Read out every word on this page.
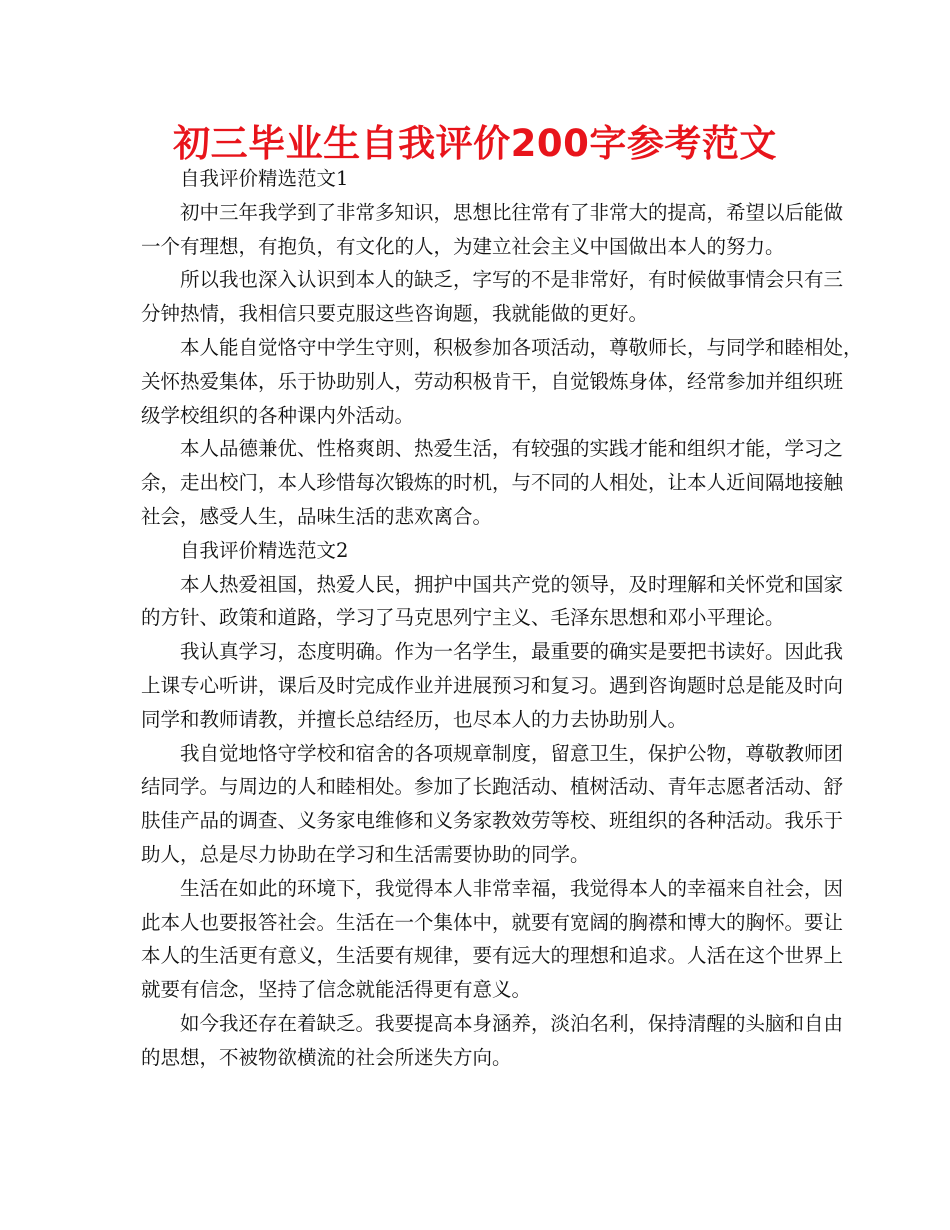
初三毕业生自我评价200字参考范文
自我评价精选范文1
初中三年我学到了非常多知识，思想比往常有了非常大的提高，希望以后能做
一个有理想，有抱负，有文化的人，为建立社会主义中国做出本人的努力。
所以我也深入认识到本人的缺乏，字写的不是非常好，有时候做事情会只有三
分钟热情，我相信只要克服这些咨询题，我就能做的更好。
本人能自觉恪守中学生守则，积极参加各项活动，尊敬师长，与同学和睦相处，
关怀热爱集体，乐于协助别人，劳动积极肯干，自觉锻炼身体，经常参加并组织班
级学校组织的各种课内外活动。
本人品德兼优、性格爽朗、热爱生活，有较强的实践才能和组织才能，学习之
余，走出校门，本人珍惜每次锻炼的时机，与不同的人相处，让本人近间隔地接触
社会，感受人生，品味生活的悲欢离合。
自我评价精选范文2
本人热爱祖国，热爱人民，拥护中国共产党的领导，及时理解和关怀党和国家
的方针、政策和道路，学习了马克思列宁主义、毛泽东思想和邓小平理论。
我认真学习，态度明确。作为一名学生，最重要的确实是要把书读好。因此我
上课专心听讲，课后及时完成作业并进展预习和复习。遇到咨询题时总是能及时向
同学和教师请教，并擅长总结经历，也尽本人的力去协助别人。
我自觉地恪守学校和宿舍的各项规章制度，留意卫生，保护公物，尊敬教师团
结同学。与周边的人和睦相处。参加了长跑活动、植树活动、青年志愿者活动、舒
肤佳产品的调查、义务家电维修和义务家教效劳等校、班组织的各种活动。我乐于
助人，总是尽力协助在学习和生活需要协助的同学。
生活在如此的环境下，我觉得本人非常幸福，我觉得本人的幸福来自社会，因
此本人也要报答社会。生活在一个集体中，就要有宽阔的胸襟和博大的胸怀。要让
本人的生活更有意义，生活要有规律，要有远大的理想和追求。人活在这个世界上
就要有信念，坚持了信念就能活得更有意义。
如今我还存在着缺乏。我要提高本身涵养，淡泊名利，保持清醒的头脑和自由
的思想，不被物欲横流的社会所迷失方向。
